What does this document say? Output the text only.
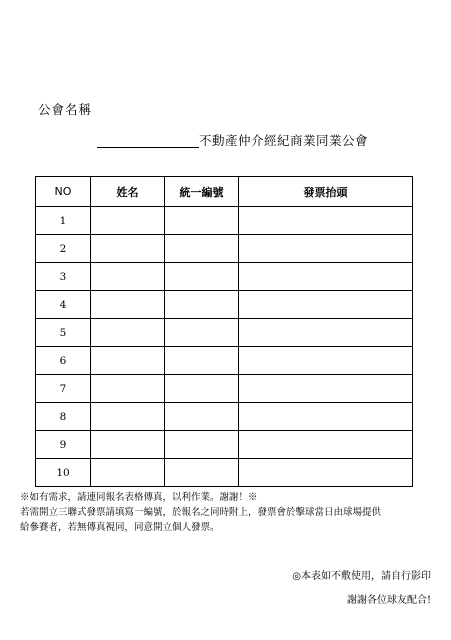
公會名稱
不動產仲介經紀商業同業公會
NO	姓名	統一編號	發票抬頭
1			
2			
3			
4			
5			
6			
7			
8			
9			
10			

※如有需求，請連同報名表格傳真，以利作業。謝謝！※

若需開立三聯式發票請填寫一編號，於報名之同時附上，發票會於擊球當日由球場提供

給參賽者，若無傳真視同，同意開立個人發票。

◎本表如不敷使用，請自行影印

謝謝各位球友配合!
